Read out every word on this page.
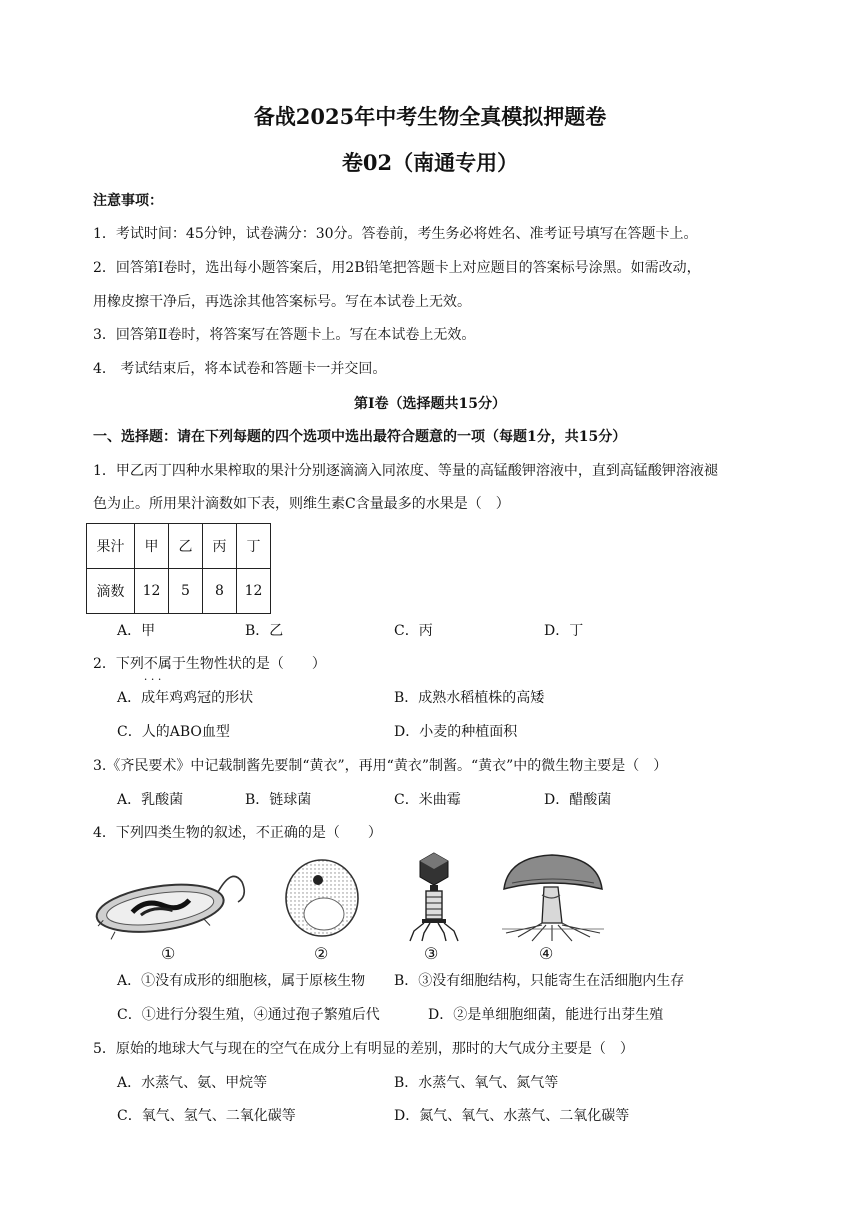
备战2025年中考生物全真模拟押题卷
卷02（南通专用）
注意事项：
1．考试时间：45分钟，试卷满分：30分。答卷前，考生务必将姓名、准考证号填写在答题卡上。
2．回答第Ⅰ卷时，选出每小题答案后，用2B铅笔把答题卡上对应题目的答案标号涂黑。如需改动，
用橡皮擦干净后，再选涂其他答案标号。写在本试卷上无效。
3．回答第Ⅱ卷时，将答案写在答题卡上。写在本试卷上无效。
4． 考试结束后，将本试卷和答题卡一并交回。
第Ⅰ卷（选择题共15分）
一、选择题：请在下列每题的四个选项中选出最符合题意的一项（每题1分，共15分）
1．甲乙丙丁四种水果榨取的果汁分别逐滴滴入同浓度、等量的高锰酸钾溶液中，直到高锰酸钾溶液褪
色为止。所用果汁滴数如下表，则维生素C含量最多的水果是（　）
果汁	甲	乙	丙	丁
滴数	12	5	8	12
A．甲	B．乙	C．丙	D．丁
2．下列不属于 · · ·生物性状的是（　　）
A．成年鸡鸡冠的形状	B．成熟水稻植株的高矮
C．人的ABO血型	D．小麦的种植面积
3.《齐民要术》中记载制酱先要制“黄衣”，再用“黄衣”制酱。“黄衣”中的微生物主要是（　）
A．乳酸菌	B．链球菌	C．米曲霉	D．醋酸菌
4．下列四类生物的叙述，不正确的是（　　）
①	②	③	④
A．①没有成形的细胞核，属于原核生物 B．③没有细胞结构，只能寄生在活细胞内生存
C．①进行分裂生殖，④通过孢子繁殖后代	D．②是单细胞细菌，能进行出芽生殖
5．原始的地球大气与现在的空气在成分上有明显的差别，那时的大气成分主要是（　）
A．水蒸气、氨、甲烷等	B．水蒸气、氧气、氮气等
C．氧气、氢气、二氧化碳等	D．氮气、氧气、水蒸气、二氧化碳等
